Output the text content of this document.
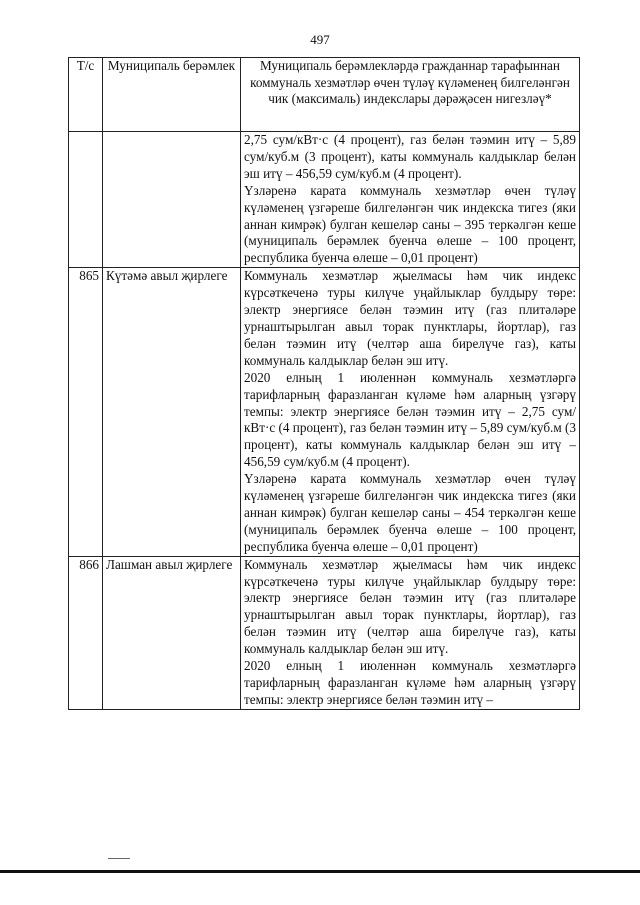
497
Т/с	Муниципаль берәмлек	Муниципаль берәмлекләрдә гражданнар тарафыннан коммуналь хезмәтләр өчен түләү күләменең билгеләнгән чик (максималь) индекслары дәрәҗәсен нигезләү*

		2,75 сум/кВт·с (4 процент), газ белән тәэмин итү – 5,89 сум/куб.м (3 процент), каты коммуналь калдыклар белән эш итү – 456,59 сум/куб.м (4 процент).

Үзләренә карата коммуналь хезмәтләр өчен түләү күләменең үзгәреше билгеләнгән чик индекска тигез (яки аннан кимрәк) булган кешеләр саны – 395 теркәлгән кеше (муниципаль берәмлек буенча өлеше – 100 процент, республика буенча өлеше – 0,01 процент)

865	Күтәмә авыл җирлеге	Коммуналь хезмәтләр җыелмасы һәм чик индекс күрсәткеченә туры килүче уңайлыклар булдыру төре: электр энергиясе белән тәэмин итү (газ плитәләре урнаштырылган авыл торак пунктлары, йортлар), газ белән тәэмин итү (челтәр аша бирелүче газ), каты коммуналь калдыклар белән эш итү.

2020 елның 1 июленнән коммуналь хезмәтләргә тарифларның фаразланган күләме һәм аларның үзгәрү темпы: электр энергиясе белән тәэмин итү – 2,75 сум/кВт·с (4 процент), газ белән тәэмин итү – 5,89 сум/куб.м (3 процент), каты коммуналь калдыклар белән эш итү – 456,59 сум/куб.м (4 процент).

Үзләренә карата коммуналь хезмәтләр өчен түләү күләменең үзгәреше билгеләнгән чик индекска тигез (яки аннан кимрәк) булган кешеләр саны – 454 теркәлгән кеше (муниципаль берәмлек буенча өлеше – 100 процент, республика буенча өлеше – 0,01 процент)

866	Лашман авыл җирлеге	Коммуналь хезмәтләр җыелмасы һәм чик индекс күрсәткеченә туры килүче уңайлыклар булдыру төре: электр энергиясе белән тәэмин итү (газ плитәләре урнаштырылган авыл торак пунктлары, йортлар), газ белән тәэмин итү (челтәр аша бирелүче газ), каты коммуналь калдыклар белән эш итү.

2020 елның 1 июленнән коммуналь хезмәтләргә тарифларның фаразланган күләме һәм аларның үзгәрү темпы: электр энергиясе белән тәэмин итү –
